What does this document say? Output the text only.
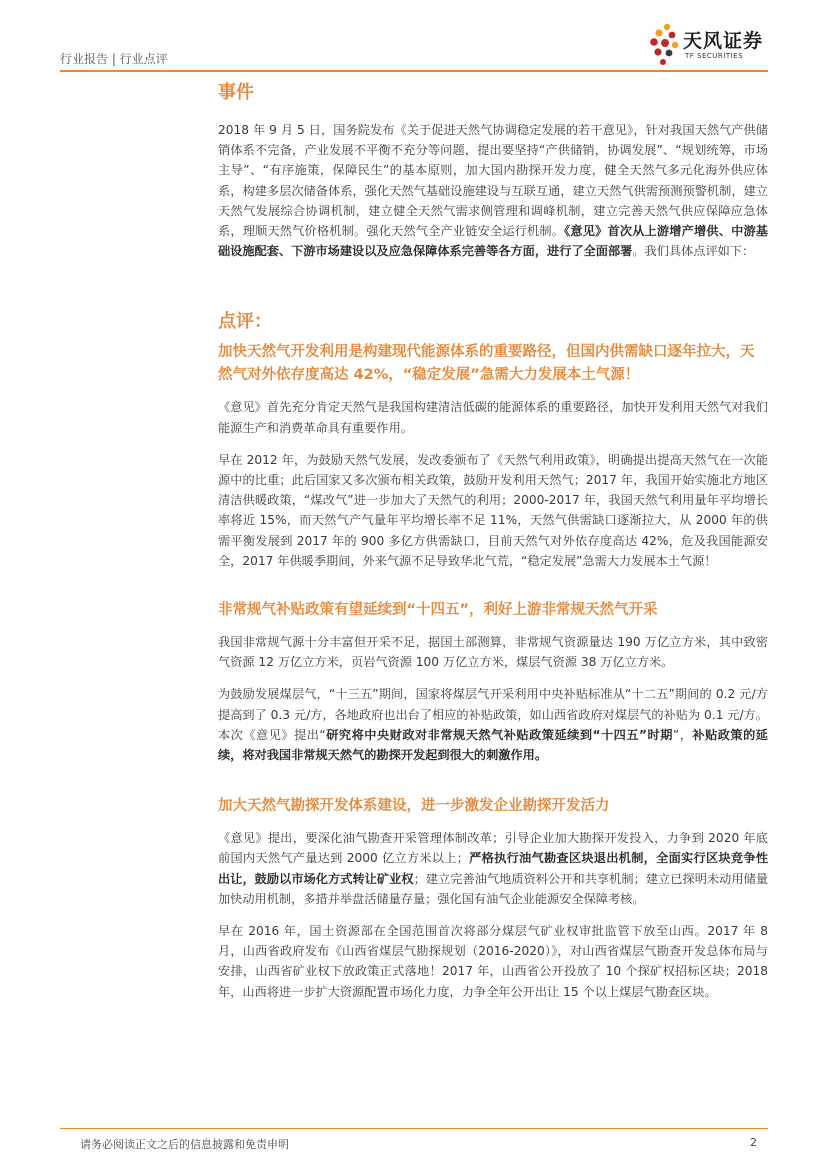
行业报告 | 行业点评
天风证券
TF SECURITIES
事件

2018 年 9 月 5 日，国务院发布《关于促进天然气协调稳定发展的若干意见》，针对我国天然气产供储销体系不完备，产业发展不平衡不充分等问题，提出要坚持“产供储销，协调发展”、“规划统筹，市场主导”、“有序施策，保障民生”的基本原则，加大国内勘探开发力度，健全天然气多元化海外供应体系，构建多层次储备体系，强化天然气基础设施建设与互联互通，建立天然气供需预测预警机制，建立天然气发展综合协调机制，建立健全天然气需求侧管理和调峰机制，建立完善天然气供应保障应急体系，理顺天然气价格机制。强化天然气全产业链安全运行机制。《意见》首次从上游增产增供、中游基础设施配套、下游市场建设以及应急保障体系完善等各方面，进行了全面部署。我们具体点评如下：

点评：

加快天然气开发利用是构建现代能源体系的重要路径，但国内供需缺口逐年拉大，天然气对外依存度高达 42%，“稳定发展”急需大力发展本土气源！

《意见》首先充分肯定天然气是我国构建清洁低碳的能源体系的重要路径，加快开发利用天然气对我们能源生产和消费革命具有重要作用。

早在 2012 年，为鼓励天然气发展，发改委颁布了《天然气利用政策》，明确提出提高天然气在一次能源中的比重；此后国家又多次颁布相关政策，鼓励开发利用天然气；2017 年，我国开始实施北方地区清洁供暖政策，“煤改气”进一步加大了天然气的利用；2000-2017 年，我国天然气利用量年平均增长率将近 15%，而天然气产气量年平均增长率不足 11%，天然气供需缺口逐渐拉大，从 2000 年的供需平衡发展到 2017 年的 900 多亿方供需缺口，目前天然气对外依存度高达 42%，危及我国能源安全，2017 年供暖季期间，外来气源不足导致华北气荒，“稳定发展”急需大力发展本土气源！

非常规气补贴政策有望延续到“十四五”，利好上游非常规天然气开采

我国非常规气源十分丰富但开采不足，据国土部测算，非常规气资源量达 190 万亿立方米，其中致密气资源 12 万亿立方米，页岩气资源 100 万亿立方米，煤层气资源 38 万亿立方米。

为鼓励发展煤层气，“十三五”期间，国家将煤层气开采利用中央补贴标准从“十二五”期间的 0.2 元/方提高到了 0.3 元/方，各地政府也出台了相应的补贴政策，如山西省政府对煤层气的补贴为 0.1 元/方。本次《意见》提出“研究将中央财政对非常规天然气补贴政策延续到“十四五”时期”，补贴政策的延续，将对我国非常规天然气的勘探开发起到很大的刺激作用。

加大天然气勘探开发体系建设，进一步激发企业勘探开发活力

《意见》提出，要深化油气勘查开采管理体制改革；引导企业加大勘探开发投入，力争到 2020 年底前国内天然气产量达到 2000 亿立方米以上；严格执行油气勘查区块退出机制，全面实行区块竞争性出让，鼓励以市场化方式转让矿业权；建立完善油气地质资料公开和共享机制；建立已探明未动用储量加快动用机制，多措并举盘活储量存量；强化国有油气企业能源安全保障考核。

早在 2016 年，国土资源部在全国范围首次将部分煤层气矿业权审批监管下放至山西。2017 年 8 月，山西省政府发布《山西省煤层气勘探规划（2016-2020）》，对山西省煤层气勘查开发总体布局与安排，山西省矿业权下放政策正式落地！2017 年，山西省公开投放了 10 个探矿权招标区块；2018 年，山西将进一步扩大资源配置市场化力度，力争全年公开出让 15 个以上煤层气勘查区块。

请务必阅读正文之后的信息披露和免责申明	2
